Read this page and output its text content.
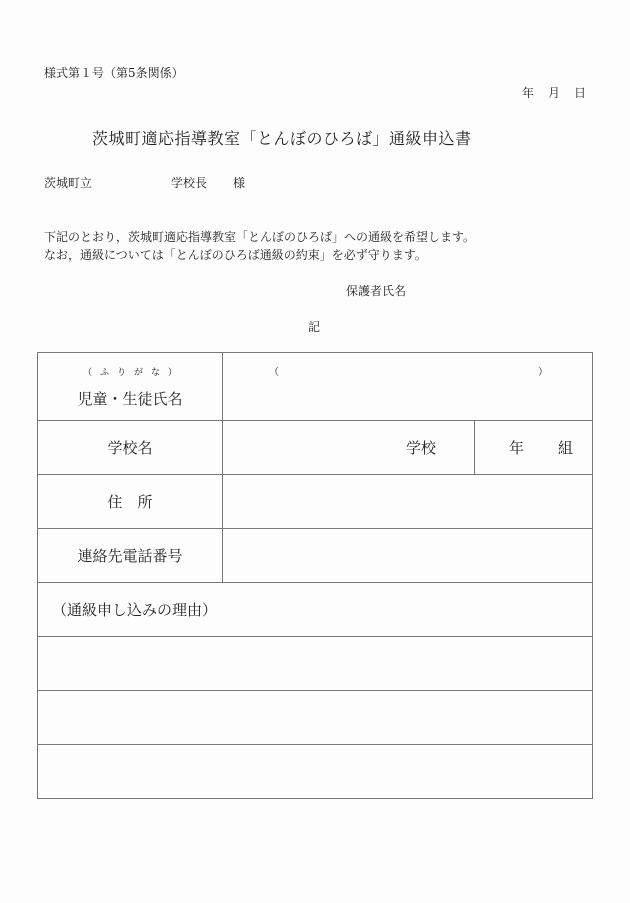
様式第１号（第5条関係）
年 月 日
茨城町適応指導教室「とんぼのひろば」通級申込書
茨城町立	学校長 様
下記のとおり，茨城町適応指導教室「とんぼのひろば」への通級を希望します。
なお，通級については「とんぼのひろば通級の約束」を必ず守ります。
保護者氏名
記
（ふりがな）
児童・生徒氏名	（ ）	

学校名	学校	年 組
住　所		
連絡先電話番号		
（通級申し込みの理由）		
